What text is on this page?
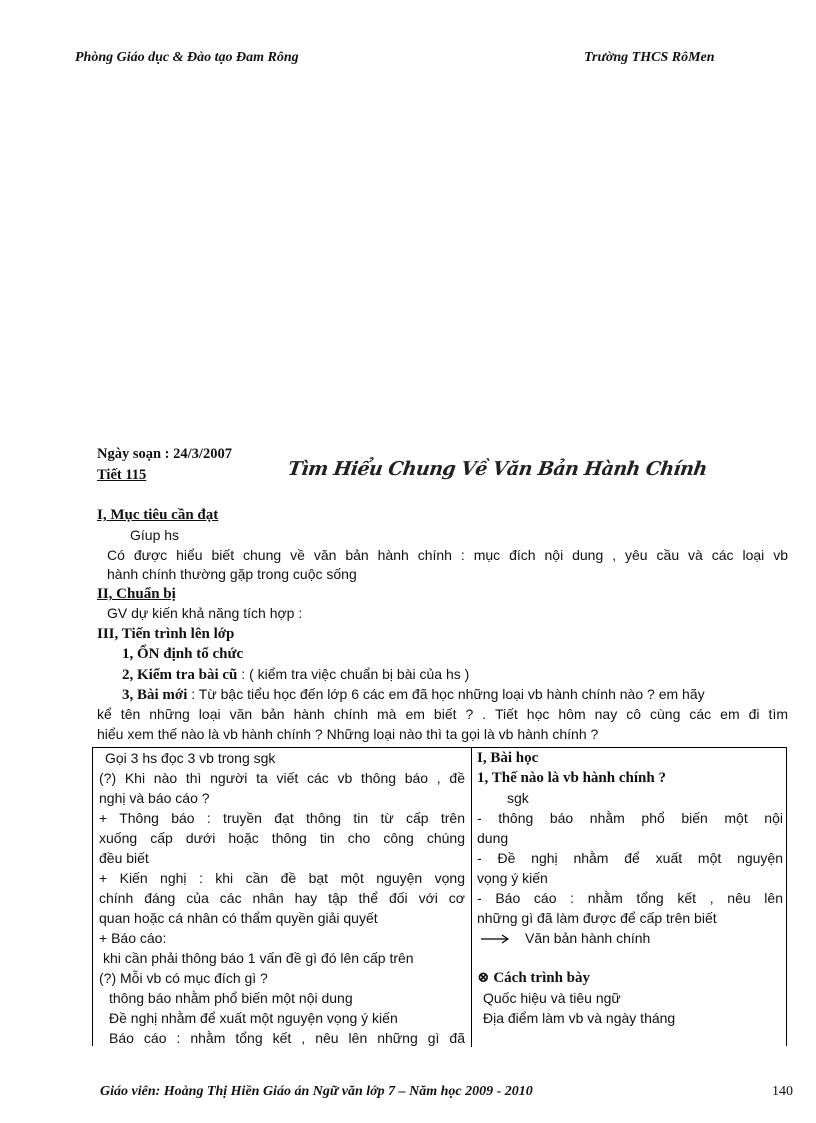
Phòng Giáo dục & Đào tạo Đam Rông	Trường THCS RôMen
Ngày soạn : 24/3/2007
Tiết 115	Tìm Hiểu Chung Về Văn Bản Hành Chính
I, Mục tiêu cần đạt
Gíup hs
Có được hiểu biết chung về văn bản hành chính : mục đích nội dung , yêu cầu và các loại vb
hành chính thường gặp trong cuộc sống
II, Chuẩn bị
GV dự kiến khả năng tích hợp :
III, Tiến trình lên lớp
1, ỔN định tổ chức
2, Kiểm tra bài cũ : ( kiểm tra việc chuẩn bị bài của hs )
3, Bài mới : Từ bậc tiểu học đến lớp 6 các em đã học những loại vb hành chính nào ? em hãy
kể tên những loại văn bản hành chính mà em biết ? . Tiết học hôm nay cô cùng các em đi tìm
hiểu xem thế nào là vb hành chính ? Những loại nào thì ta gọi là vb hành chính ?
Gọi 3 hs đọc 3 vb trong sgk
(?) Khi nào thì người ta viết các vb thông báo , đề
nghị và báo cáo ?
+ Thông báo : truyền đạt thông tin từ cấp trên
xuống cấp dưới hoặc thông tin cho công chúng
đều biết
+ Kiến nghị : khi cần đề bạt một nguyện vọng
chính đáng của các nhân hay tập thể đối với cơ
quan hoặc cá nhân có thẩm quyền giải quyết
+ Báo cáo:
khi cần phải thông báo 1 vấn đề gì đó lên cấp trên
(?) Mỗi vb có mục đích gì ?
thông báo nhằm phổ biến một nội dung
Đề nghị nhằm để xuất một nguyện vọng ý kiến
Báo cáo : nhằm tổng kết , nêu lên những gì đã
I, Bài học
1, Thế nào là vb hành chính ?
sgk
- thông báo nhằm phổ biến một nội
dung
- Đề nghị nhằm để xuất một nguyện
vọng ý kiến
- Báo cáo : nhằm tổng kết , nêu lên
những gì đã làm được để cấp trên biết
Văn bản hành chính
⊗ Cách trình bày
Quốc hiệu và tiêu ngữ
Địa điểm làm vb và ngày tháng
Giáo viên: Hoàng Thị Hiền Giáo án Ngữ văn lớp 7 – Năm học 2009 - 2010	140
